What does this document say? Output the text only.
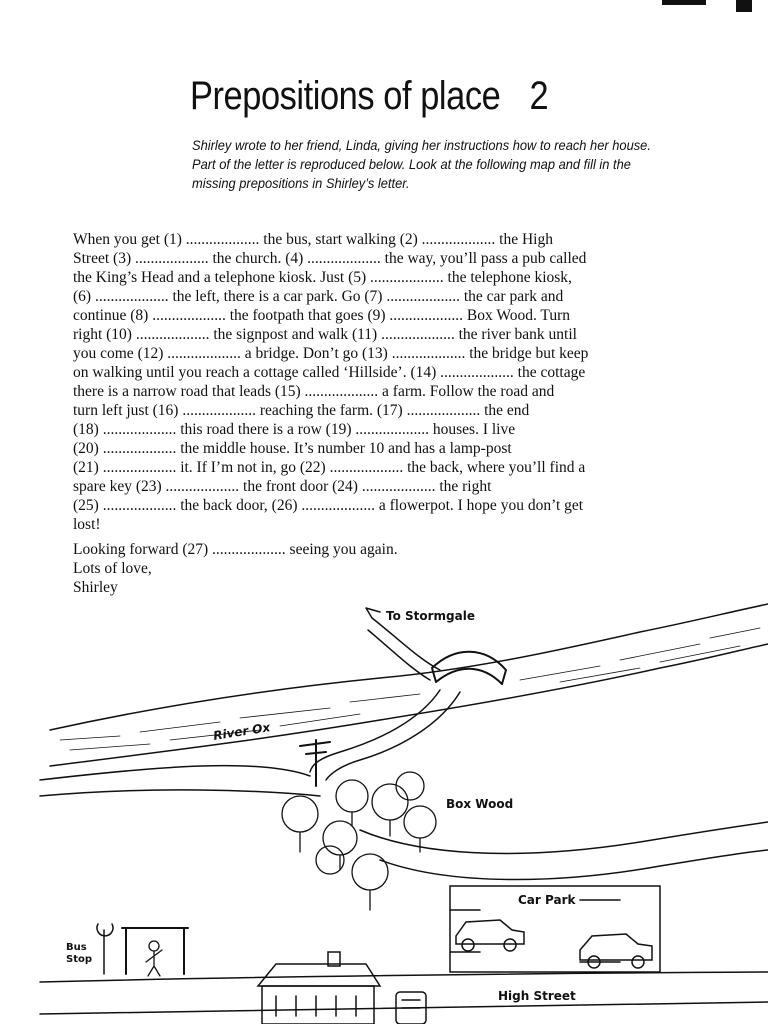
Prepositions of place 2

Shirley wrote to her friend, Linda, giving her instructions how to reach her house. Part of the letter is reproduced below. Look at the following map and fill in the missing prepositions in Shirley’s letter.

When you get (1) ................... the bus, start walking (2) ................... the High
Street (3) ................... the church. (4) ................... the way, you’ll pass a pub called
the King’s Head and a telephone kiosk. Just (5) ................... the telephone kiosk,
(6) ................... the left, there is a car park. Go (7) ................... the car park and
continue (8) ................... the footpath that goes (9) ................... Box Wood. Turn
right (10) ................... the signpost and walk (11) ................... the river bank until
you come (12) ................... a bridge. Don’t go (13) ................... the bridge but keep
on walking until you reach a cottage called ‘Hillside’. (14) ................... the cottage
there is a narrow road that leads (15) ................... a farm. Follow the road and
turn left just (16) ................... reaching the farm. (17) ................... the end
(18) ................... this road there is a row (19) ................... houses. I live
(20) ................... the middle house. It’s number 10 and has a lamp-post
(21) ................... it. If I’m not in, go (22) ................... the back, where you’ll find a
spare key (23) ................... the front door (24) ................... the right
(25) ................... the back door, (26) ................... a flowerpot. I hope you don’t get
lost!
Looking forward (27) ................... seeing you again.
Lots of love,
Shirley
To Stormgale
River Ox
Box Wood
Car Park
Bus
Stop
High Street
